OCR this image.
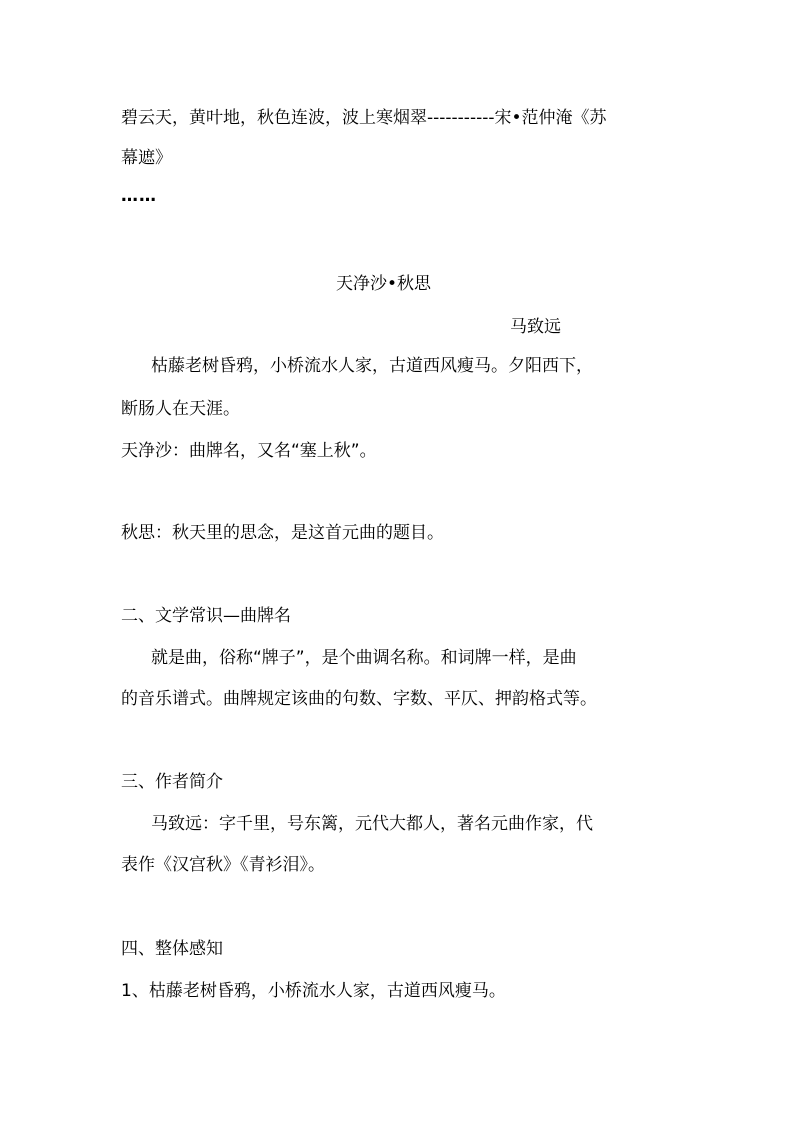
碧云天，黄叶地，秋色连波，波上寒烟翠-----------宋•范仲淹《苏
幕遮》
……
天净沙•秋思
马致远
枯藤老树昏鸦，小桥流水人家，古道西风瘦马。夕阳西下，
断肠人在天涯。
天净沙：曲牌名，又名“塞上秋”。
秋思：秋天里的思念，是这首元曲的题目。
二、文学常识—曲牌名
就是曲，俗称“牌子”，是个曲调名称。和词牌一样，是曲
的音乐谱式。曲牌规定该曲的句数、字数、平仄、押韵格式等。
三、作者简介
马致远：字千里，号东篱，元代大都人，著名元曲作家，代
表作《汉宫秋》《青衫泪》。
四、整体感知
1、枯藤老树昏鸦，小桥流水人家，古道西风瘦马。
